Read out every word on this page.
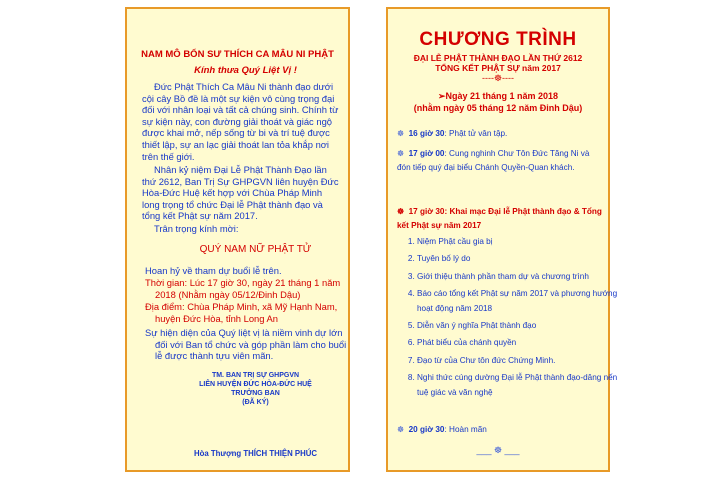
NAM MÔ BỔN SƯ THÍCH CA MÂU NI PHẬT
Kính thưa Quý Liệt Vị !

Đức Phật Thích Ca Mâu Ni thành đạo dưới cội cây Bồ đề là một sự kiện vô cùng trọng đại đối với nhân loại và tất cả chúng sinh. Chính từ sự kiện này, con đường giải thoát và giác ngộ được khai mở, nếp sống từ bi và trí tuệ được thiết lập, sự an lạc giải thoát lan tỏa khắp nơi trên thế giới.

Nhân kỷ niệm Đại Lễ Phật Thành Đạo lần thứ 2612, Ban Trị Sự GHPGVN liên huyện Đức Hòa-Đức Huệ kết hợp với Chùa Pháp Minh long trọng tổ chức Đại lễ Phật thành đạo và tổng kết Phật sự năm 2017.

Trân trọng kính mời:

QUÝ NAM NỮ PHẬT TỬ

Hoan hỷ về tham dự buổi lễ trên.

Thời gian: Lúc 17 giờ 30, ngày 21 tháng 1 năm 2018 (Nhằm ngày 05/12/Đinh Dậu)

Địa điểm: Chùa Pháp Minh, xã Mỹ Hạnh Nam, huyện Đức Hòa, tỉnh Long An

Sự hiện diện của Quý liệt vị là niềm vinh dự lớn đối với Ban tổ chức và góp phần làm cho buổi lễ được thành tựu viên mãn.

TM. BAN TRỊ SỰ GHPGVN
LIÊN HUYỆN ĐỨC HÒA-ĐỨC HUỆ
TRƯỞNG BAN
(ĐÃ KÝ)
Hòa Thượng THÍCH THIỆN PHÚC
CHƯƠNG TRÌNH
ĐẠI LỄ PHẬT THÀNH ĐẠO LẦN THỨ 2612
TỔNG KẾT PHẬT SỰ năm 2017
----☸----
➢Ngày 21 tháng 1 năm 2018
(nhằm ngày 05 tháng 12 năm Đinh Dậu)

☸ 16 giờ 30: Phật tử vân tập.

☸ 17 giờ 00: Cung nghinh Chư Tôn Đức Tăng Ni và đón tiếp quý đại biểu Chánh Quyền-Quan khách.

☸ 17 giờ 30: Khai mạc Đại lễ Phật thành đạo & Tổng kết Phật sự năm 2017

1. Niệm Phật cầu gia bị
2. Tuyên bố lý do
3. Giới thiệu thành phần tham dự và chương trình
4. Báo cáo tổng kết Phật sự năm 2017 và phương hướng hoạt động năm 2018
5. Diễn văn ý nghĩa Phật thành đạo
6. Phát biểu của chánh quyền
7. Đạo từ của Chư tôn đức Chứng Minh.
8. Nghi thức cúng dường Đại lễ Phật thành đạo-dâng nến tuệ giác và văn nghệ

☸ 20 giờ 30: Hoàn mãn

___ ☸ ___
